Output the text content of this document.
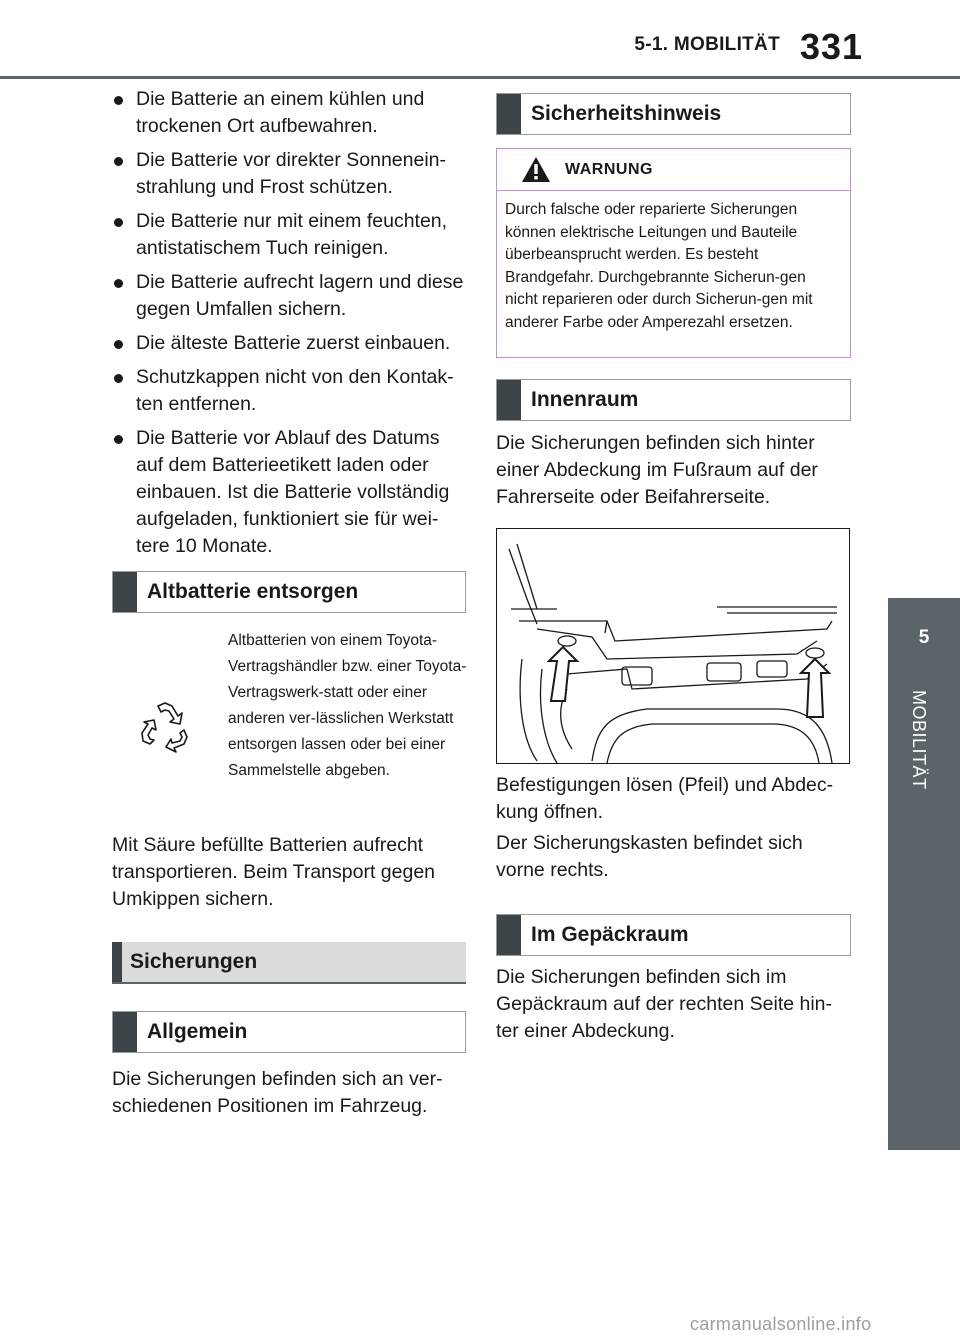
5-1. MOBILITÄT 331
5
MOBILITÄT
Die Batterie an einem kühlen und trockenen Ort aufbewahren.
Die Batterie vor direkter Sonnenein-strahlung und Frost schützen.
Die Batterie nur mit einem feuchten, antistatischem Tuch reinigen.
Die Batterie aufrecht lagern und diese gegen Umfallen sichern.
Die älteste Batterie zuerst einbauen.
Schutzkappen nicht von den Kontak-ten entfernen.
Die Batterie vor Ablauf des Datums auf dem Batterieetikett laden oder einbauen. Ist die Batterie vollständig aufgeladen, funktioniert sie für wei-tere 10 Monate.
Altbatterie entsorgen
Altbatterien von einem Toyota-Vertragshändler bzw. einer Toyota-Vertragswerk-statt oder einer anderen ver-lässlichen Werkstatt entsorgen lassen oder bei einer Sammelstelle abgeben.
Mit Säure befüllte Batterien aufrecht transportieren. Beim Transport gegen Umkippen sichern.
Sicherungen
Allgemein
Die Sicherungen befinden sich an ver-schiedenen Positionen im Fahrzeug.
Sicherheitshinweis
WARNUNG
Durch falsche oder reparierte Sicherungen können elektrische Leitungen und Bauteile überbeansprucht werden. Es besteht Brandgefahr. Durchgebrannte Sicherun-gen nicht reparieren oder durch Sicherun-gen mit anderer Farbe oder Amperezahl ersetzen.
Innenraum
Die Sicherungen befinden sich hinter einer Abdeckung im Fußraum auf der Fahrerseite oder Beifahrerseite.
Befestigungen lösen (Pfeil) und Abdec-kung öffnen.
Der Sicherungskasten befindet sich vorne rechts.
Im Gepäckraum
Die Sicherungen befinden sich im Gepäckraum auf der rechten Seite hin-ter einer Abdeckung.
carmanualsonline.info
